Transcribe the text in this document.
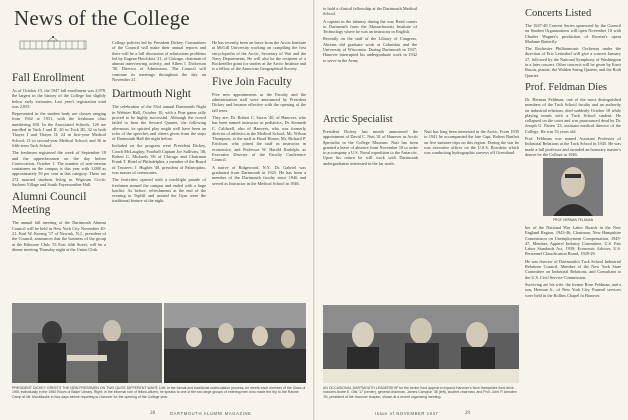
News of the College
Fall Enrollment

As of October 15, the 1947 fall enrollment was 2,978, the largest in the history of the College but slightly below early estimates. Last year's registration total was 2,855.

Represented in the student body are classes ranging from 1942 to 1951, with the freshman class numbering 650. In the Associated Schools, 126 are enrolled in Tuck I and II, 20 in Tuck III; 32 in both Thayer I and Thayer II; 24 in first-year Medical School; 21 in second-year Medical School; and 36 in fifth-term Tuck School.

The freshmen registered the week of September 18 and the upperclassmen on the day before Convocation, October 1. The number of non-veteran containees on the campus is this year with 1,088 as approximately 50 per cent in this category. There are 272 married students living in Wigwam Circle, Sachem Village and South Fayerweather Hall.

Alumni Council Meeting

The annual fall meeting of the Dartmouth Alumni Council will be held in New York City November 20-21. Karl W. Koenig '17 of Newark, N.J., president of the Council, announces that the business of the group at the Biltmore Club, 53 East 44th Street, will be a dinner meeting Thursday night at the Union Club.

College policies led by President Dickey. Committees of the Council will make their annual reports and there will be a full discussion of admissions problems led by Eugene Hotchkiss '21, of Chicago, chairman of alumni interviewing activity, and Albert I. Dickerson '30, Director of Admissions. The Council will continue its meetings throughout the day on November 21.

Dartmouth Night

The celebration of the 53rd annual Dartmouth Night in Webster Hall, October 10, with a Pine game rally proved to be highly successful. Although the crowd failed to hear the Seward Quartet, the following afternoon, its spirited play might well have been an echo of the speeches and cheers given from the steps of Dartmouth Hall the night before.

Included on the program were President Dickey, Coach McLaughry, Football Captain Joe Sullivan, '48, Robert C. Michaels '06 of Chicago and Chairman Frank T. Hotel of Philadelphia, a member of the Board of Trustees; J. Hughes '48, president of Palaeopitus, was master of ceremonies.

The festivities opened with a torchlight parade of freshmen around the campus and ended with a huge bonfire. As before, refreshments at the end of the evening in Topliff and around the Gym were the traditional feature of the night.

He has recently been on leave from the Arctic Institute at McGill University working on compiling the first encyclopedia of the Arctic, Secretary of War and the Navy Departments. He will also be the recipient of a Rockefeller grant for studies at the Arctic Institute and is a fellow of the American Geographical Society.

Five Join Faculty

Five new appointments as the Faculty and the administration staff were announced by President Dickey and became effective with the opening of the fall term.

They are: Dr. Robert C. Storrs '40, of Hanover, who has been named instructor in pediatrics; Dr. Kenneth C. Caldwell, also of Hanover, who was formerly director of athletics at the Medical School; Mr. Wilson Thompson, to the staff at Hood House; Mr. Richard P. Erickson, who joined the staff as instructor in economics; and Professor W. Harold Rudolph, as Executive Director of the Faculty Conference Council.

A native of Ridgewood, N.Y., Dr. Gabriel was graduated from Dartmouth in 1925. He has been a member of the Dartmouth faculty since 1946 and served as Instructor in the Medical School in 1946.

PRESIDENT DICKEY GREETS THE NEW FRESHMEN ON TWO QUITE DIFFERENT WAYS: Left: in the formal and traditional matriculation process, he meets each member of the Class of 1951 individually in the 1950 Room of Baker Library. Right: In the informal role of fellow-citizen, he speaks to one of the two large groups of entering men who made the trip to the Ravine Camp at Mt. Moosilauke in four days before reporting to Hanover for the opening of the College year.
28	DARTMOUTH ALUMNI MAGAZINE

to hold a clinical fellowship at the Dartmouth Medical School.

A captain in the infantry during the war, Reed comes to Dartmouth from the Massachusetts Institute of Technology where he was an instructor in English.

Recently on the staff of the Library of Congress, Abrams did graduate work at Columbia and the University of Wisconsin. During Dartmouth in 1937, Hanover interrupted his undergraduate work in 1942 to serve in the Army.

Arctic Specialist

President Dickey last month announced the appointment of David C. Nutt '41 of Hanover as Arctic Specialist in the College Museum. Nutt has been granted a leave of absence from November 10 to order to accompany a U.S. Naval expedition to the Antarctic. Upon his return he will work with Dartmouth undergraduates interested in the far north.

Nutt has long been interested in the Arctic. From 1935 to 1941 he accompanied the late Capt. Robert Bartlett on five summer trips on this region. During the war he was executive officer on the U.S.S. Bowdoin which was conducting hydrographic surveys off Greenland.

Concerts Listed

The 1947-48 Concert Series sponsored by the Council on Student Organizations will open November 10 with Charles Wagner's production of Rossini's opera Madame Butterfly.

The Rochester Philharmonic Orchestra under the direction of Eric Leinsdorf will give a concert January 27, followed by the National Symphony of Washington in a later concert. Other concerts will be given by Ernst Bacon, pianist; the Walden String Quartet; and the Roth Quartet.

Prof. Feldman Dies

Dr. Herman Feldman, one of the most distinguished members of the Tuck School faculty and an authority on industrial relations, died suddenly October 18 while playing tennis with a Tuck School student. He collapsed on the court and was pronounced dead by Dr. Joseph G. Patten '23, assistant medical director of the College. He was 53 years old.

Prof. Feldman was named Assistant Professor of Industrial Relations at the Tuck School in 1945. He was made a full professor and awarded an honorary master's degree by the College in 1946.

PROF. HERMAN FELDMAN

ber of the National War Labor Boards in the New England Region, 1943-46; Chairman, New Hampshire Commission on Unemployment Compensation, 1945-47; Member, Apparel Industry Committee, U.S. Fair Labor Standards Act, 1939; Economic Adviser, U.S. Personnel Classification Board, 1928-29.

He was director of Dartmouth's Tuck School Industrial Relations Council, Member of the New York State Committee on Industrial Relations, and Consultant to the U.S. Civil Service Commission.

Surviving are his wife, the former Rose Feldman, and a son, Herman Jr., of New York City. Funeral services were held in the Rollins Chapel in Hanover.

AN OCCASIONAL DARTMOUTH LEADERSHIP for the senior fund appeal to expand Hanover's New Hampshire fund drive includes Andre E. Otis '17 (center), general chairman, James Campion '38 (left), student chairman, and Prof. John P. Amsden '30, president of the Hanover chapter, shown at a recent organizing meeting.
Issue of NOVEMBER 1947	29
